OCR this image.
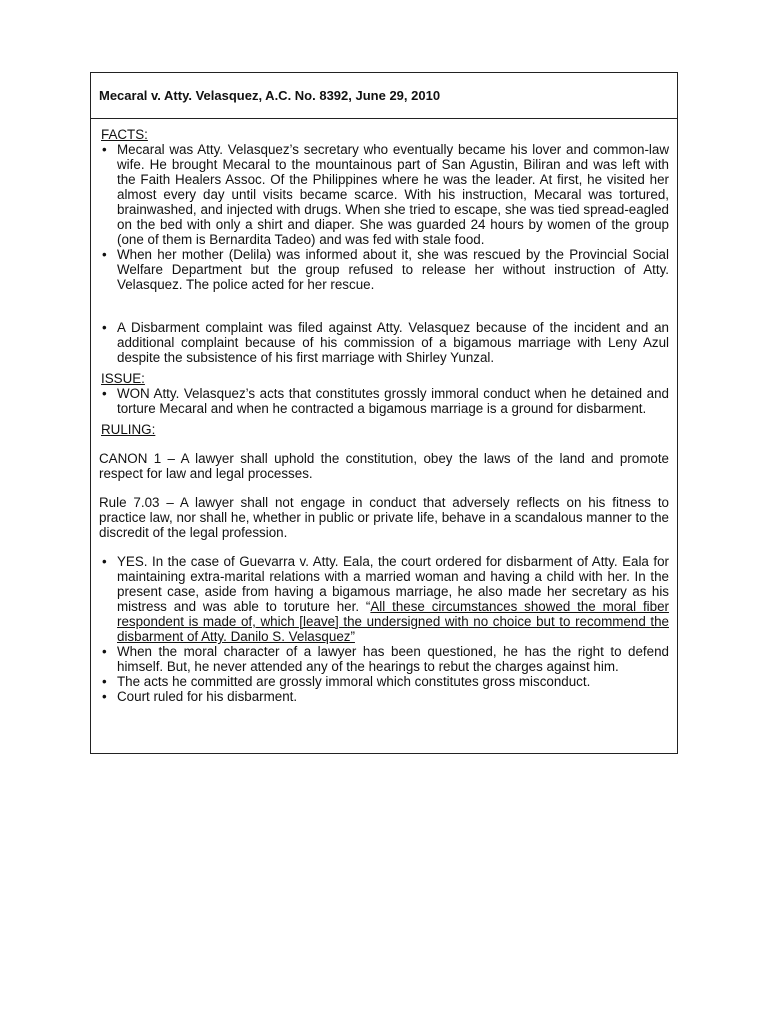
Mecaral v. Atty. Velasquez, A.C. No. 8392, June 29, 2010
FACTS:
• Mecaral was Atty. Velasquez’s secretary who eventually became his lover and common-law wife. He brought Mecaral to the mountainous part of San Agustin, Biliran and was left with the Faith Healers Assoc. Of the Philippines where he was the leader. At first, he visited her almost every day until visits became scarce. With his instruction, Mecaral was tortured, brainwashed, and injected with drugs. When she tried to escape, she was tied spread-eagled on the bed with only a shirt and diaper. She was guarded 24 hours by women of the group (one of them is Bernardita Tadeo) and was fed with stale food.
• When her mother (Delila) was informed about it, she was rescued by the Provincial Social Welfare Department but the group refused to release her without instruction of Atty. Velasquez. The police acted for her rescue.
• A Disbarment complaint was filed against Atty. Velasquez because of the incident and an additional complaint because of his commission of a bigamous marriage with Leny Azul despite the subsistence of his first marriage with Shirley Yunzal.
ISSUE:
• WON Atty. Velasquez’s acts that constitutes grossly immoral conduct when he detained and torture Mecaral and when he contracted a bigamous marriage is a ground for disbarment.
RULING:

CANON 1 – A lawyer shall uphold the constitution, obey the laws of the land and promote respect for law and legal processes.

Rule 7.03 – A lawyer shall not engage in conduct that adversely reflects on his fitness to practice law, nor shall he, whether in public or private life, behave in a scandalous manner to the discredit of the legal profession.

• YES. In the case of Guevarra v. Atty. Eala, the court ordered for disbarment of Atty. Eala for maintaining extra-marital relations with a married woman and having a child with her. In the present case, aside from having a bigamous marriage, he also made her secretary as his mistress and was able to toruture her. “All these circumstances showed the moral fiber respondent is made of, which [leave] the undersigned with no choice but to recommend the disbarment of Atty. Danilo S. Velasquez”
• When the moral character of a lawyer has been questioned, he has the right to defend himself. But, he never attended any of the hearings to rebut the charges against him.
• The acts he committed are grossly immoral which constitutes gross misconduct.
• Court ruled for his disbarment.
